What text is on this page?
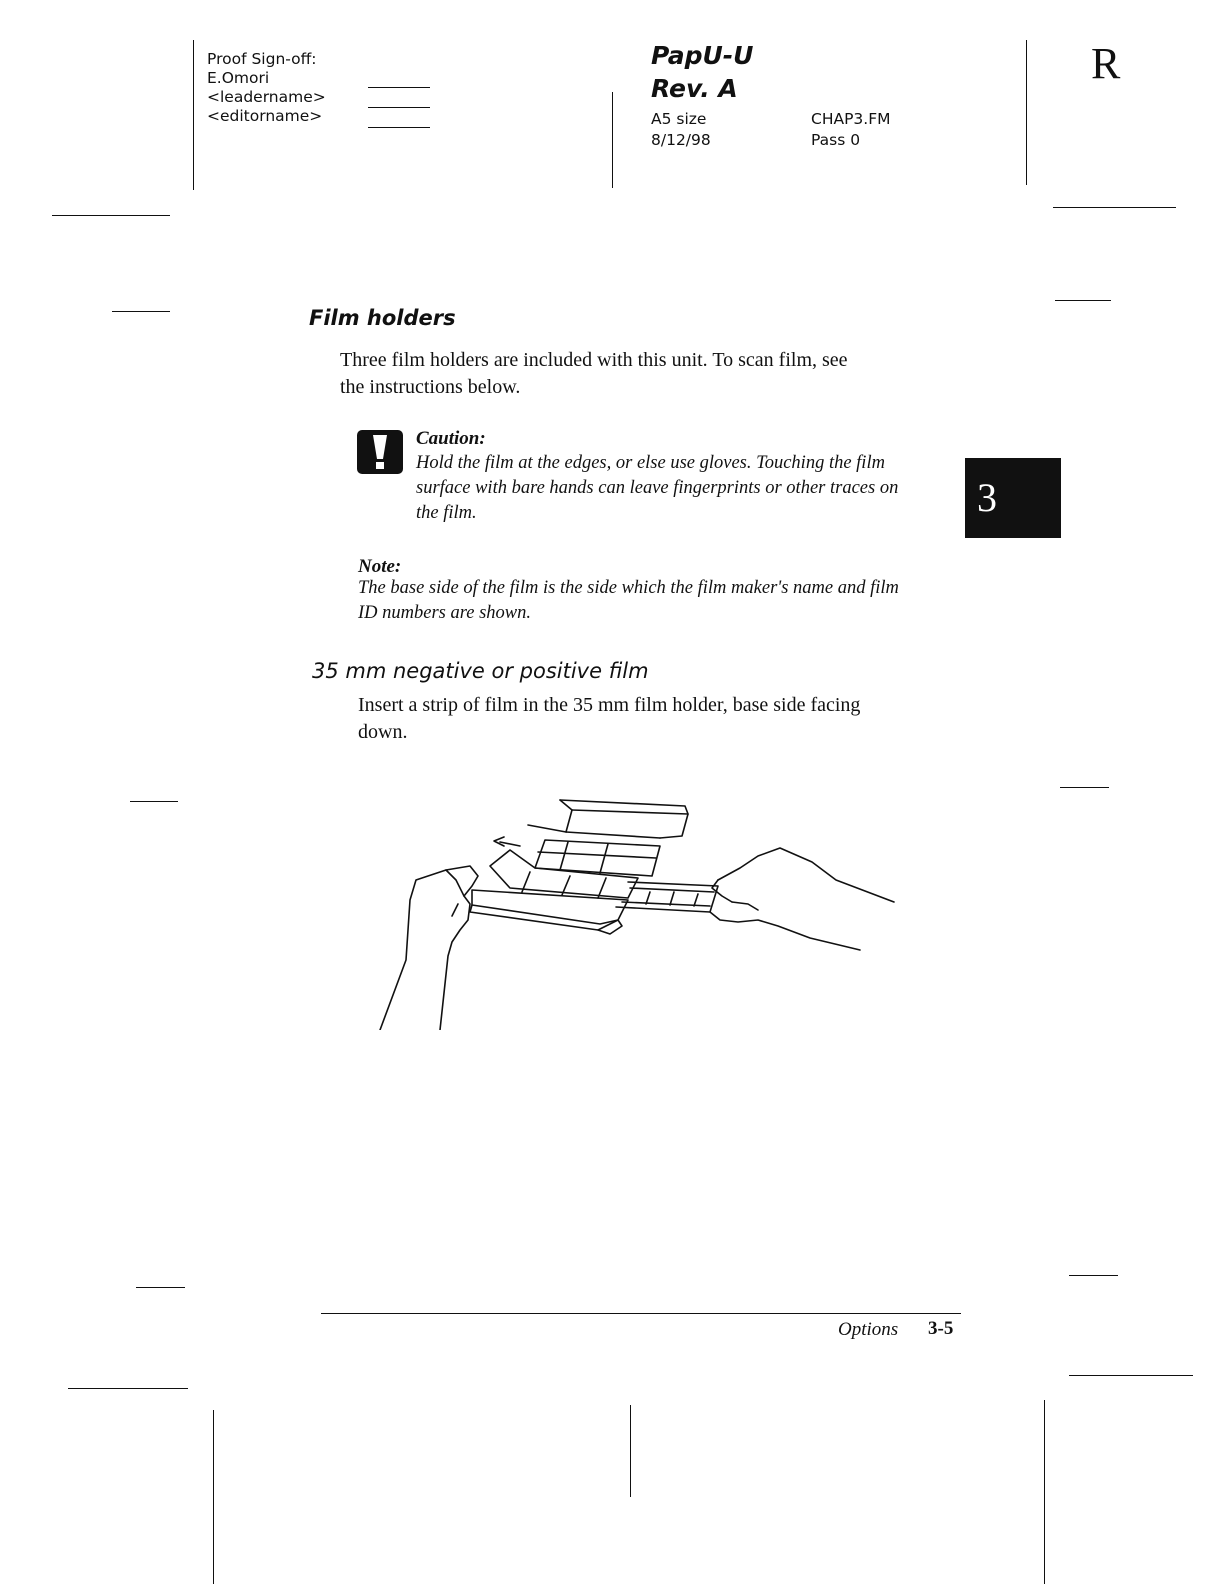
Proof Sign-off:
E.Omori
<leadername>
<editorname>
PapU-U
Rev. A
A5 size
8/12/98
CHAP3.FM
Pass 0
R
Film holders
Three film holders are included with this unit. To scan film, see
the instructions below.
Caution:
Hold the film at the edges, or else use gloves. Touching the film
surface with bare hands can leave fingerprints or other traces on
the film.
Note:
The base side of the film is the side which the film maker's name and film
ID numbers are shown.
35 mm negative or positive film
Insert a strip of film in the 35 mm film holder, base side facing
down.
3
Options 3-5
